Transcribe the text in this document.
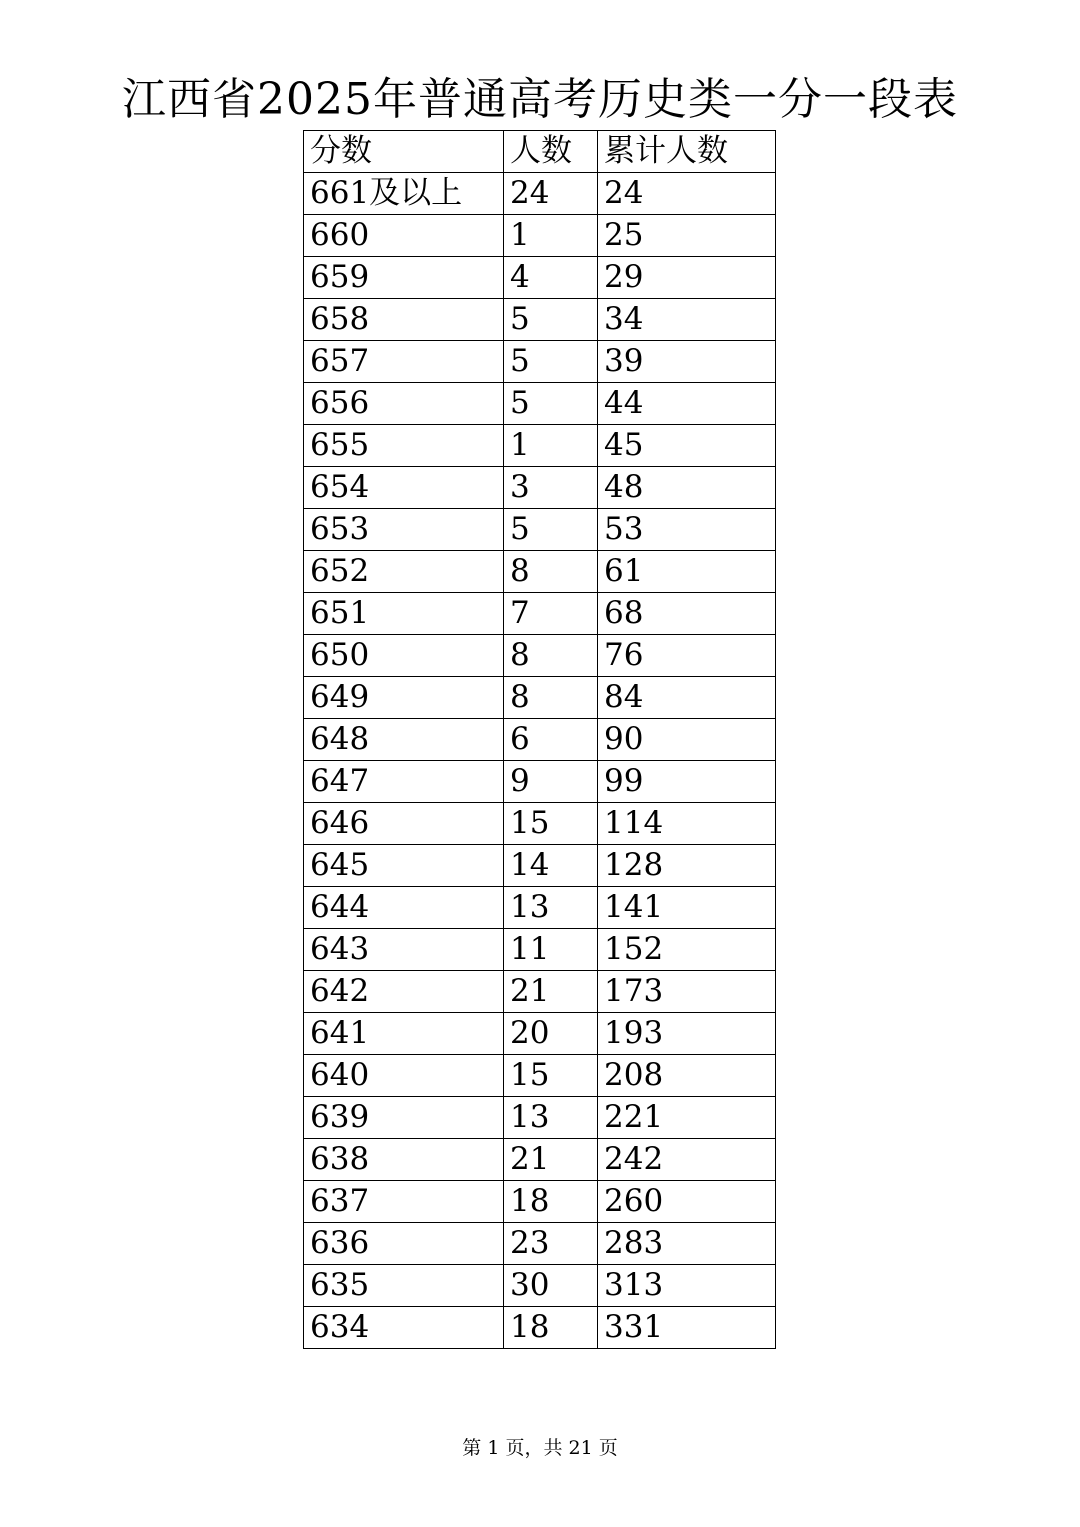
江西省2025年普通高考历史类一分一段表
分数	人数	累计人数
661及以上	24	24
660	1	25
659	4	29
658	5	34
657	5	39
656	5	44
655	1	45
654	3	48
653	5	53
652	8	61
651	7	68
650	8	76
649	8	84
648	6	90
647	9	99
646	15	114
645	14	128
644	13	141
643	11	152
642	21	173
641	20	193
640	15	208
639	13	221
638	21	242
637	18	260
636	23	283
635	30	313
634	18	331
第 1 页，共 21 页
